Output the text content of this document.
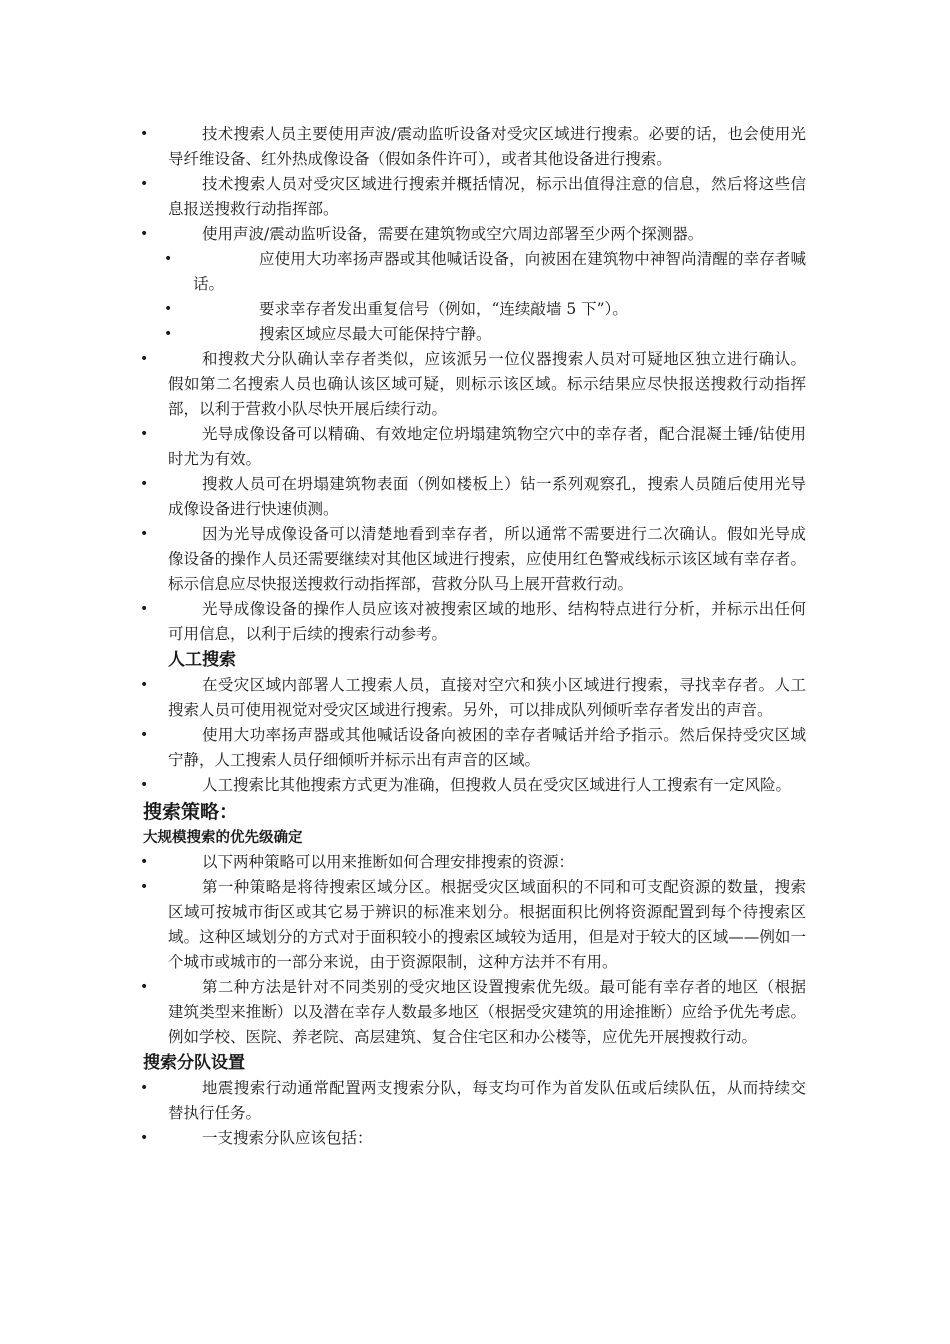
•	技术搜索人员主要使用声波/震动监听设备对受灾区域进行搜索。必要的话，也会使用光导纤维设备、红外热成像设备（假如条件许可），或者其他设备进行搜索。

•	技术搜索人员对受灾区域进行搜索并概括情况，标示出值得注意的信息，然后将这些信息报送搜救行动指挥部。

•	使用声波/震动监听设备，需要在建筑物或空穴周边部署至少两个探测器。

•	应使用大功率扬声器或其他喊话设备，向被困在建筑物中神智尚清醒的幸存者喊话。

•	要求幸存者发出重复信号（例如，“连续敲墙 5 下”）。

•	搜索区域应尽最大可能保持宁静。

•	和搜救犬分队确认幸存者类似，应该派另一位仪器搜索人员对可疑地区独立进行确认。假如第二名搜索人员也确认该区域可疑，则标示该区域。标示结果应尽快报送搜救行动指挥部，以利于营救小队尽快开展后续行动。

•	光导成像设备可以精确、有效地定位坍塌建筑物空穴中的幸存者，配合混凝土锤/钻使用时尤为有效。

•	搜救人员可在坍塌建筑物表面（例如楼板上）钻一系列观察孔，搜索人员随后使用光导成像设备进行快速侦测。

•	因为光导成像设备可以清楚地看到幸存者，所以通常不需要进行二次确认。假如光导成像设备的操作人员还需要继续对其他区域进行搜索，应使用红色警戒线标示该区域有幸存者。标示信息应尽快报送搜救行动指挥部，营救分队马上展开营救行动。

•	光导成像设备的操作人员应该对被搜索区域的地形、结构特点进行分析，并标示出任何可用信息，以利于后续的搜索行动参考。

人工搜索

•	在受灾区域内部署人工搜索人员，直接对空穴和狭小区域进行搜索，寻找幸存者。人工搜索人员可使用视觉对受灾区域进行搜索。另外，可以排成队列倾听幸存者发出的声音。

•	使用大功率扬声器或其他喊话设备向被困的幸存者喊话并给予指示。然后保持受灾区域宁静，人工搜索人员仔细倾听并标示出有声音的区域。

•	人工搜索比其他搜索方式更为准确，但搜救人员在受灾区域进行人工搜索有一定风险。

搜索策略：
大规模搜索的优先级确定

•	以下两种策略可以用来推断如何合理安排搜索的资源：

•	第一种策略是将待搜索区域分区。根据受灾区域面积的不同和可支配资源的数量，搜索区域可按城市街区或其它易于辨识的标准来划分。根据面积比例将资源配置到每个待搜索区域。这种区域划分的方式对于面积较小的搜索区域较为适用，但是对于较大的区域——例如一个城市或城市的一部分来说，由于资源限制，这种方法并不有用。

•	第二种方法是针对不同类别的受灾地区设置搜索优先级。最可能有幸存者的地区（根据建筑类型来推断）以及潜在幸存人数最多地区（根据受灾建筑的用途推断）应给予优先考虑。例如学校、医院、养老院、高层建筑、复合住宅区和办公楼等，应优先开展搜救行动。

搜索分队设置

•	地震搜索行动通常配置两支搜索分队，每支均可作为首发队伍或后续队伍，从而持续交替执行任务。

•	一支搜索分队应该包括：
